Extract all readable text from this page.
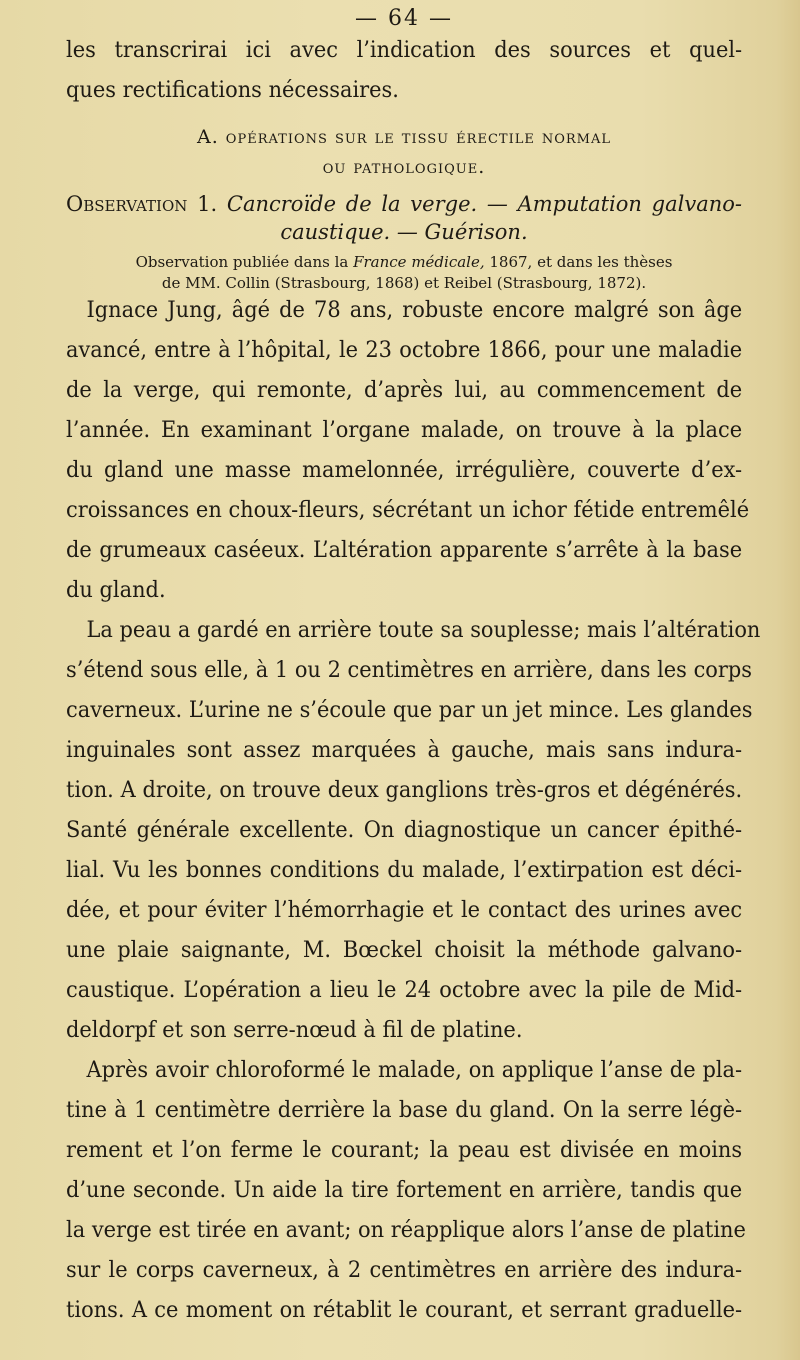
— 64 —
les transcrirai ici avec l’indication des sources et quel-
ques rectifications nécessaires.
A. opérations sur le tissu érectile normal
ou pathologique.
Observation 1. Cancroïde de la verge. — Amputation galvano-
caustique. — Guérison.
Observation publiée dans la France médicale, 1867, et dans les thèses
de MM. Collin (Strasbourg, 1868) et Reibel (Strasbourg, 1872).
Ignace Jung, âgé de 78 ans, robuste encore malgré son âge
avancé, entre à l’hôpital, le 23 octobre 1866, pour une maladie
de la verge, qui remonte, d’après lui, au commencement de
l’année. En examinant l’organe malade, on trouve à la place
du gland une masse mamelonnée, irrégulière, couverte d’ex-
croissances en choux-fleurs, sécrétant un ichor fétide entremêlé
de grumeaux caséeux. L’altération apparente s’arrête à la base
du gland.
La peau a gardé en arrière toute sa souplesse; mais l’altération
s’étend sous elle, à 1 ou 2 centimètres en arrière, dans les corps
caverneux. L’urine ne s’écoule que par un jet mince. Les glandes
inguinales sont assez marquées à gauche, mais sans indura-
tion. A droite, on trouve deux ganglions très-gros et dégénérés.
Santé générale excellente. On diagnostique un cancer épithé-
lial. Vu les bonnes conditions du malade, l’extirpation est déci-
dée, et pour éviter l’hémorrhagie et le contact des urines avec
une plaie saignante, M. Bœckel choisit la méthode galvano-
caustique. L’opération a lieu le 24 octobre avec la pile de Mid-
deldorpf et son serre-nœud à fil de platine.
Après avoir chloroformé le malade, on applique l’anse de pla-
tine à 1 centimètre derrière la base du gland. On la serre légè-
rement et l’on ferme le courant; la peau est divisée en moins
d’une seconde. Un aide la tire fortement en arrière, tandis que
la verge est tirée en avant; on réapplique alors l’anse de platine
sur le corps caverneux, à 2 centimètres en arrière des indura-
tions. A ce moment on rétablit le courant, et serrant graduelle-
